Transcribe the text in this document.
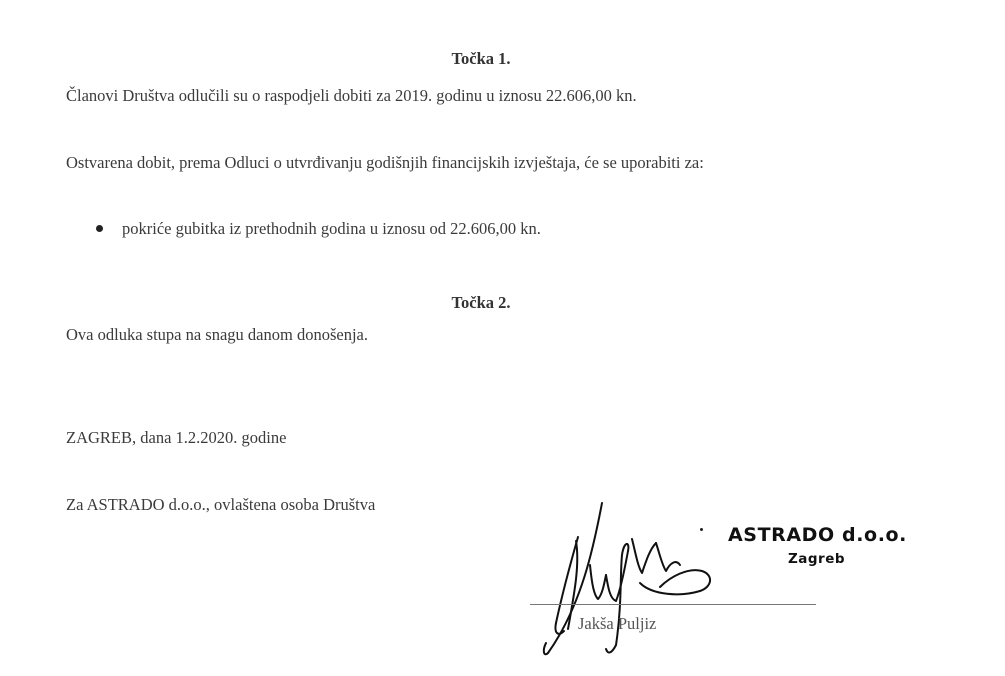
Točka 1.
Članovi Društva odlučili su o raspodjeli dobiti za 2019. godinu u iznosu 22.606,00 kn.
Ostvarena dobit, prema Odluci o utvrđivanju godišnjih financijskih izvještaja, će se uporabiti za:
pokriće gubitka iz prethodnih godina u iznosu od 22.606,00 kn.
Točka 2.
Ova odluka stupa na snagu danom donošenja.
ZAGREB, dana 1.2.2020. godine
Za ASTRADO d.o.o., ovlaštena osoba Društva
ASTRADO d.o.o.
Zagreb
Jakša Puljiz
